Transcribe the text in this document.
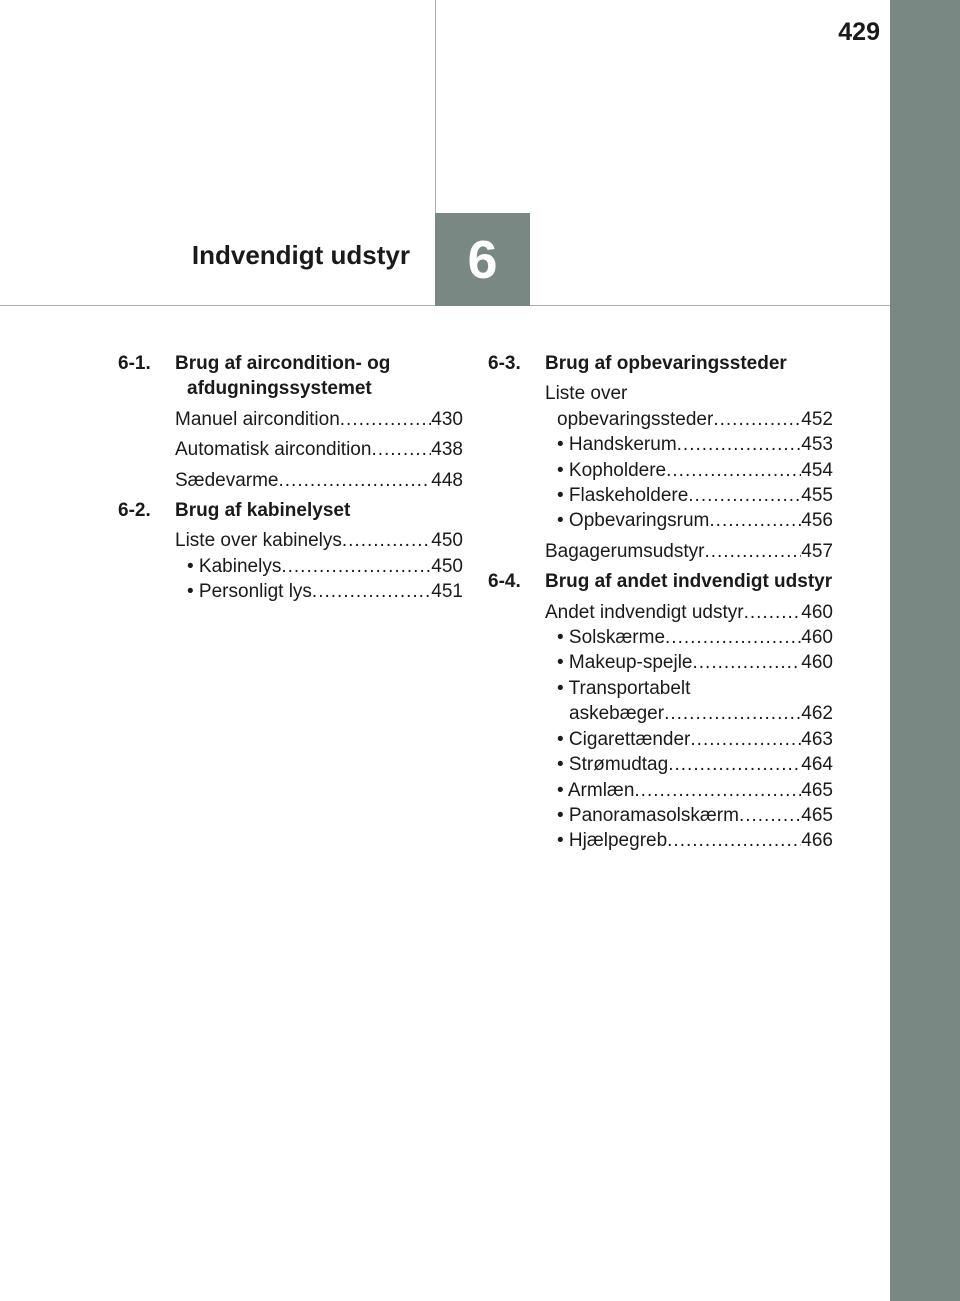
429
6
Indvendigt udstyr
6-1.	Brug af aircondition- og afdugningssystemet
Manuel aircondition .....	430
Automatisk aircondition .....	438
Sædevarme .....	448
6-2.	Brug af kabinelyset
Liste over kabinelys .....	450
• Kabinelys .....	450
• Personligt lys .....	451
6-3.	Brug af opbevaringssteder
Liste over
opbevaringssteder .....	452
• Handskerum .....	453
• Kopholdere .....	454
• Flaskeholdere .....	455
• Opbevaringsrum .....	456
Bagagerumsudstyr .....	457
6-4.	Brug af andet indvendigt udstyr
Andet indvendigt udstyr .....	460
• Solskærme .....	460
• Makeup-spejle .....	460
• Transportabelt
askebæger .....	462
• Cigarettænder .....	463
• Strømudtag .....	464
• Armlæn .....	465
• Panoramasolskærm .....	465
• Hjælpegreb .....	466
